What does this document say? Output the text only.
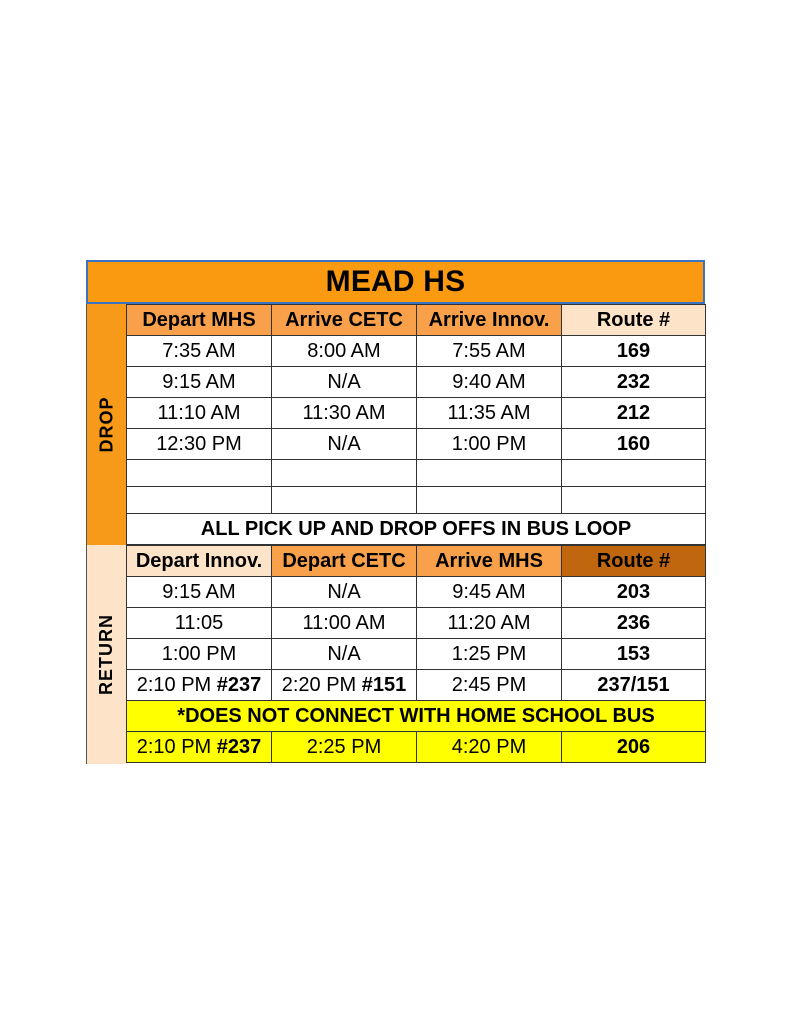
MEAD HS
DROP
RETURN
Depart MHS	Arrive CETC	Arrive Innov.	Route #
7:35 AM	8:00 AM	7:55 AM	169
9:15 AM	N/A	9:40 AM	232
11:10 AM	11:30 AM	11:35 AM	212
12:30 PM	N/A	1:00 PM	160

ALL PICK UP AND DROP OFFS IN BUS LOOP			
Depart Innov.	Depart CETC	Arrive MHS	Route #
9:15 AM	N/A	9:45 AM	203
11:05	11:00 AM	11:20 AM	236
1:00 PM	N/A	1:25 PM	153
2:10 PM #237	2:20 PM #151	2:45 PM	237/151
*DOES NOT CONNECT WITH HOME SCHOOL BUS			
2:10 PM #237	2:25 PM	4:20 PM	206
